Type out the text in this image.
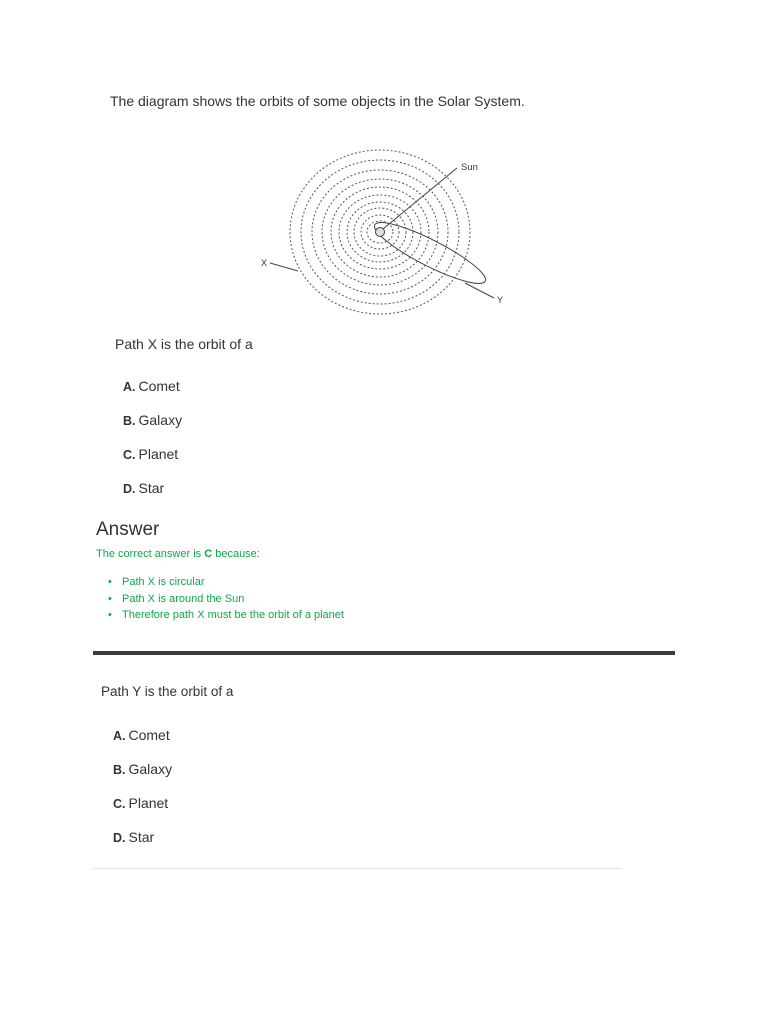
The diagram shows the orbits of some objects in the Solar System.
Sun
X
Y
Path X is the orbit of a
A. Comet
B. Galaxy
C. Planet
D. Star
Answer
The correct answer is C because:
• Path X is circular
• Path X is around the Sun
• Therefore path X must be the orbit of a planet
Path Y is the orbit of a
A. Comet
B. Galaxy
C. Planet
D. Star
